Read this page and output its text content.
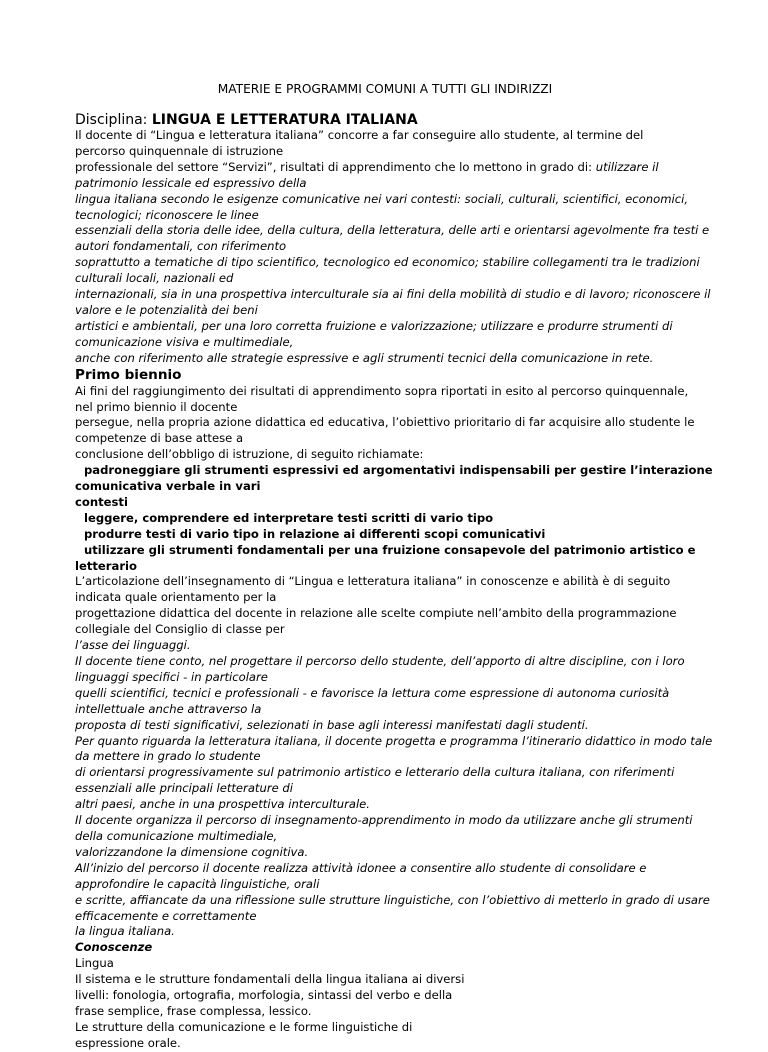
MATERIE E PROGRAMMI COMUNI A TUTTI GLI INDIRIZZI
Disciplina: LINGUA E LETTERATURA ITALIANA

Il docente di “Lingua e letteratura italiana” concorre a far conseguire allo studente, al termine del

percorso quinquennale di istruzione

professionale del settore “Servizi”, risultati di apprendimento che lo mettono in grado di: utilizzare il

patrimonio lessicale ed espressivo della

lingua italiana secondo le esigenze comunicative nei vari contesti: sociali, culturali, scientifici, economici,

tecnologici; riconoscere le linee

essenziali della storia delle idee, della cultura, della letteratura, delle arti e orientarsi agevolmente fra testi e

autori fondamentali, con riferimento

soprattutto a tematiche di tipo scientifico, tecnologico ed economico; stabilire collegamenti tra le tradizioni

culturali locali, nazionali ed

internazionali, sia in una prospettiva interculturale sia ai fini della mobilità di studio e di lavoro; riconoscere il

valore e le potenzialità dei beni

artistici e ambientali, per una loro corretta fruizione e valorizzazione; utilizzare e produrre strumenti di

comunicazione visiva e multimediale,

anche con riferimento alle strategie espressive e agli strumenti tecnici della comunicazione in rete.

Primo biennio

Ai fini del raggiungimento dei risultati di apprendimento sopra riportati in esito al percorso quinquennale,

nel primo biennio il docente

persegue, nella propria azione didattica ed educativa, l’obiettivo prioritario di far acquisire allo studente le

competenze di base attese a

conclusione dell’obbligo di istruzione, di seguito richiamate:

padroneggiare gli strumenti espressivi ed argomentativi indispensabili per gestire l’interazione

comunicativa verbale in vari

contesti

leggere, comprendere ed interpretare testi scritti di vario tipo

produrre testi di vario tipo in relazione ai differenti scopi comunicativi

utilizzare gli strumenti fondamentali per una fruizione consapevole del patrimonio artistico e

letterario

L’articolazione dell’insegnamento di “Lingua e letteratura italiana” in conoscenze e abilità è di seguito

indicata quale orientamento per la

progettazione didattica del docente in relazione alle scelte compiute nell’ambito della programmazione

collegiale del Consiglio di classe per

l’asse dei linguaggi.

Il docente tiene conto, nel progettare il percorso dello studente, dell’apporto di altre discipline, con i loro

linguaggi specifici - in particolare

quelli scientifici, tecnici e professionali - e favorisce la lettura come espressione di autonoma curiosità

intellettuale anche attraverso la

proposta di testi significativi, selezionati in base agli interessi manifestati dagli studenti.

Per quanto riguarda la letteratura italiana, il docente progetta e programma l’itinerario didattico in modo tale

da mettere in grado lo studente

di orientarsi progressivamente sul patrimonio artistico e letterario della cultura italiana, con riferimenti

essenziali alle principali letterature di

altri paesi, anche in una prospettiva interculturale.

Il docente organizza il percorso di insegnamento-apprendimento in modo da utilizzare anche gli strumenti

della comunicazione multimediale,

valorizzandone la dimensione cognitiva.

All’inizio del percorso il docente realizza attività idonee a consentire allo studente di consolidare e

approfondire le capacità linguistiche, orali

e scritte, affiancate da una riflessione sulle strutture linguistiche, con l’obiettivo di metterlo in grado di usare

efficacemente e correttamente

la lingua italiana.

Conoscenze

Lingua

Il sistema e le strutture fondamentali della lingua italiana ai diversi

livelli: fonologia, ortografia, morfologia, sintassi del verbo e della

frase semplice, frase complessa, lessico.

Le strutture della comunicazione e le forme linguistiche di

espressione orale.
